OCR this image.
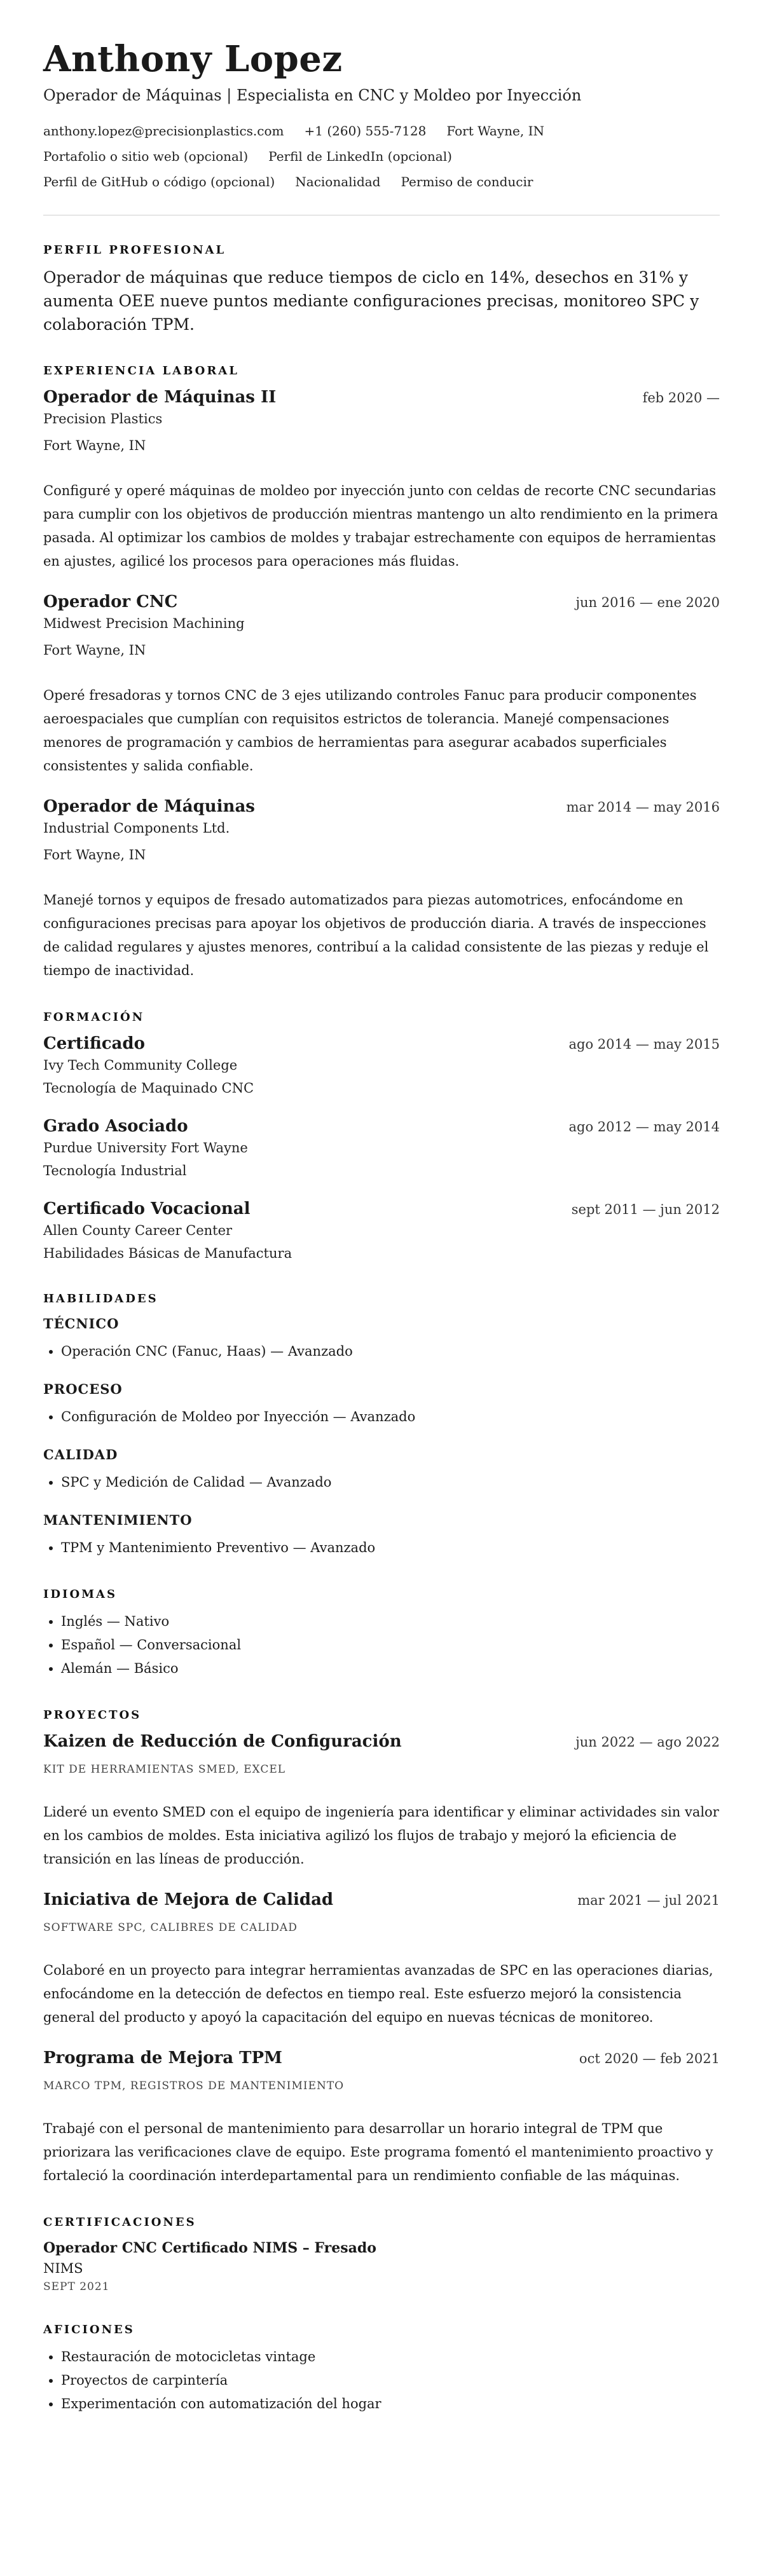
Anthony Lopez
Operador de Máquinas | Especialista en CNC y Moldeo por Inyección
anthony.lopez@precisionplastics.com +1 (260) 555-7128 Fort Wayne, IN
Portafolio o sitio web (opcional) Perfil de LinkedIn (opcional)
Perfil de GitHub o código (opcional) Nacionalidad Permiso de conducir
PERFIL PROFESIONAL
Operador de máquinas que reduce tiempos de ciclo en 14%, desechos en 31% y aumenta OEE nueve puntos mediante configuraciones precisas, monitoreo SPC y colaboración TPM.
EXPERIENCIA LABORAL
Operador de Máquinas II	feb 2020 —
Precision Plastics
Fort Wayne, IN
Configuré y operé máquinas de moldeo por inyección junto con celdas de recorte CNC secundarias para cumplir con los objetivos de producción mientras mantengo un alto rendimiento en la primera pasada. Al optimizar los cambios de moldes y trabajar estrechamente con equipos de herramientas en ajustes, agilicé los procesos para operaciones más fluidas.
Operador CNC	jun 2016 — ene 2020
Midwest Precision Machining
Fort Wayne, IN
Operé fresadoras y tornos CNC de 3 ejes utilizando controles Fanuc para producir componentes aeroespaciales que cumplían con requisitos estrictos de tolerancia. Manejé compensaciones menores de programación y cambios de herramientas para asegurar acabados superficiales consistentes y salida confiable.
Operador de Máquinas	mar 2014 — may 2016
Industrial Components Ltd.
Fort Wayne, IN
Manejé tornos y equipos de fresado automatizados para piezas automotrices, enfocándome en configuraciones precisas para apoyar los objetivos de producción diaria. A través de inspecciones de calidad regulares y ajustes menores, contribuí a la calidad consistente de las piezas y reduje el tiempo de inactividad.
FORMACIÓN
Certificado	ago 2014 — may 2015
Ivy Tech Community College
Tecnología de Maquinado CNC
Grado Asociado	ago 2012 — may 2014
Purdue University Fort Wayne
Tecnología Industrial
Certificado Vocacional	sept 2011 — jun 2012
Allen County Career Center
Habilidades Básicas de Manufactura
HABILIDADES
TÉCNICO
• Operación CNC (Fanuc, Haas) — Avanzado
PROCESO
• Configuración de Moldeo por Inyección — Avanzado
CALIDAD
• SPC y Medición de Calidad — Avanzado
MANTENIMIENTO
• TPM y Mantenimiento Preventivo — Avanzado
IDIOMAS
• Inglés — Nativo
• Español — Conversacional
• Alemán — Básico
PROYECTOS
Kaizen de Reducción de Configuración	jun 2022 — ago 2022
KIT DE HERRAMIENTAS SMED, EXCEL
Lideré un evento SMED con el equipo de ingeniería para identificar y eliminar actividades sin valor en los cambios de moldes. Esta iniciativa agilizó los flujos de trabajo y mejoró la eficiencia de transición en las líneas de producción.
Iniciativa de Mejora de Calidad	mar 2021 — jul 2021
SOFTWARE SPC, CALIBRES DE CALIDAD
Colaboré en un proyecto para integrar herramientas avanzadas de SPC en las operaciones diarias, enfocándome en la detección de defectos en tiempo real. Este esfuerzo mejoró la consistencia general del producto y apoyó la capacitación del equipo en nuevas técnicas de monitoreo.
Programa de Mejora TPM	oct 2020 — feb 2021
MARCO TPM, REGISTROS DE MANTENIMIENTO
Trabajé con el personal de mantenimiento para desarrollar un horario integral de TPM que priorizara las verificaciones clave de equipo. Este programa fomentó el mantenimiento proactivo y fortaleció la coordinación interdepartamental para un rendimiento confiable de las máquinas.
CERTIFICACIONES
Operador CNC Certificado NIMS – Fresado
NIMS
SEPT 2021
AFICIONES
• Restauración de motocicletas vintage
• Proyectos de carpintería
• Experimentación con automatización del hogar
